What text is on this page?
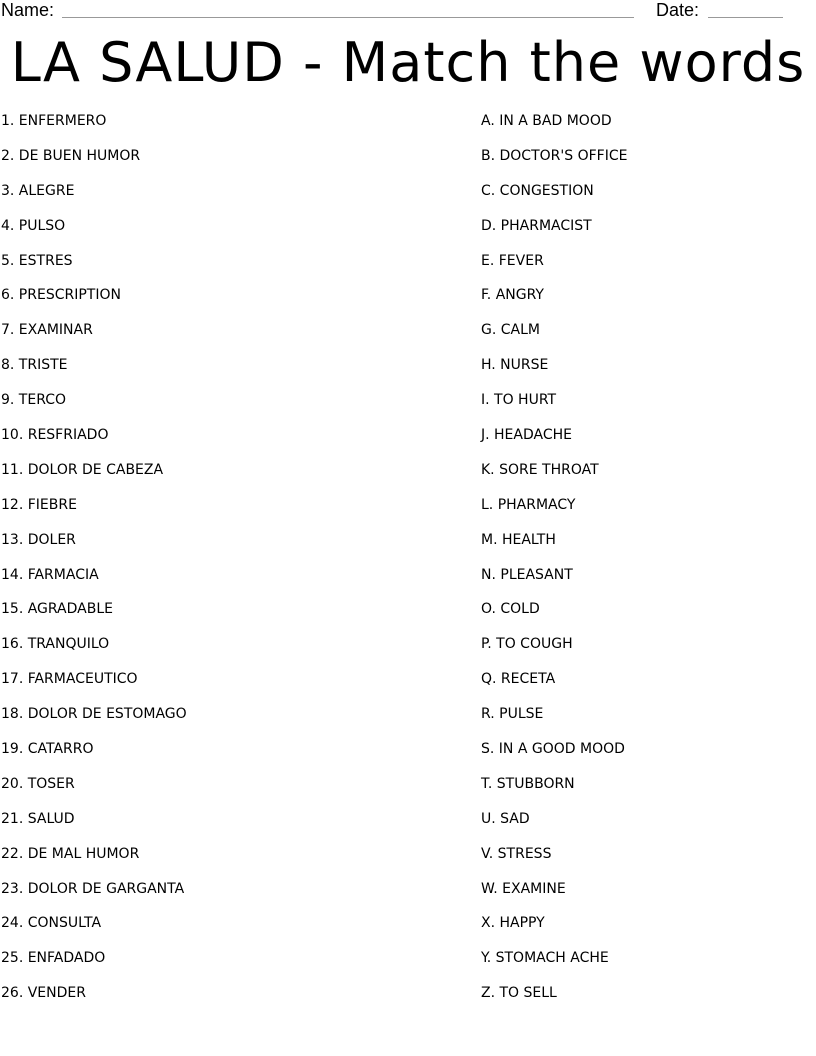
Name:	Date:
LA SALUD - Match the words
1. ENFERMERO
2. DE BUEN HUMOR
3. ALEGRE
4. PULSO
5. ESTRES
6. PRESCRIPTION
7. EXAMINAR
8. TRISTE
9. TERCO
10. RESFRIADO
11. DOLOR DE CABEZA
12. FIEBRE
13. DOLER
14. FARMACIA
15. AGRADABLE
16. TRANQUILO
17. FARMACEUTICO
18. DOLOR DE ESTOMAGO
19. CATARRO
20. TOSER
21. SALUD
22. DE MAL HUMOR
23. DOLOR DE GARGANTA
24. CONSULTA
25. ENFADADO
26. VENDER
A. IN A BAD MOOD
B. DOCTOR'S OFFICE
C. CONGESTION
D. PHARMACIST
E. FEVER
F. ANGRY
G. CALM
H. NURSE
I. TO HURT
J. HEADACHE
K. SORE THROAT
L. PHARMACY
M. HEALTH
N. PLEASANT
O. COLD
P. TO COUGH
Q. RECETA
R. PULSE
S. IN A GOOD MOOD
T. STUBBORN
U. SAD
V. STRESS
W. EXAMINE
X. HAPPY
Y. STOMACH ACHE
Z. TO SELL
